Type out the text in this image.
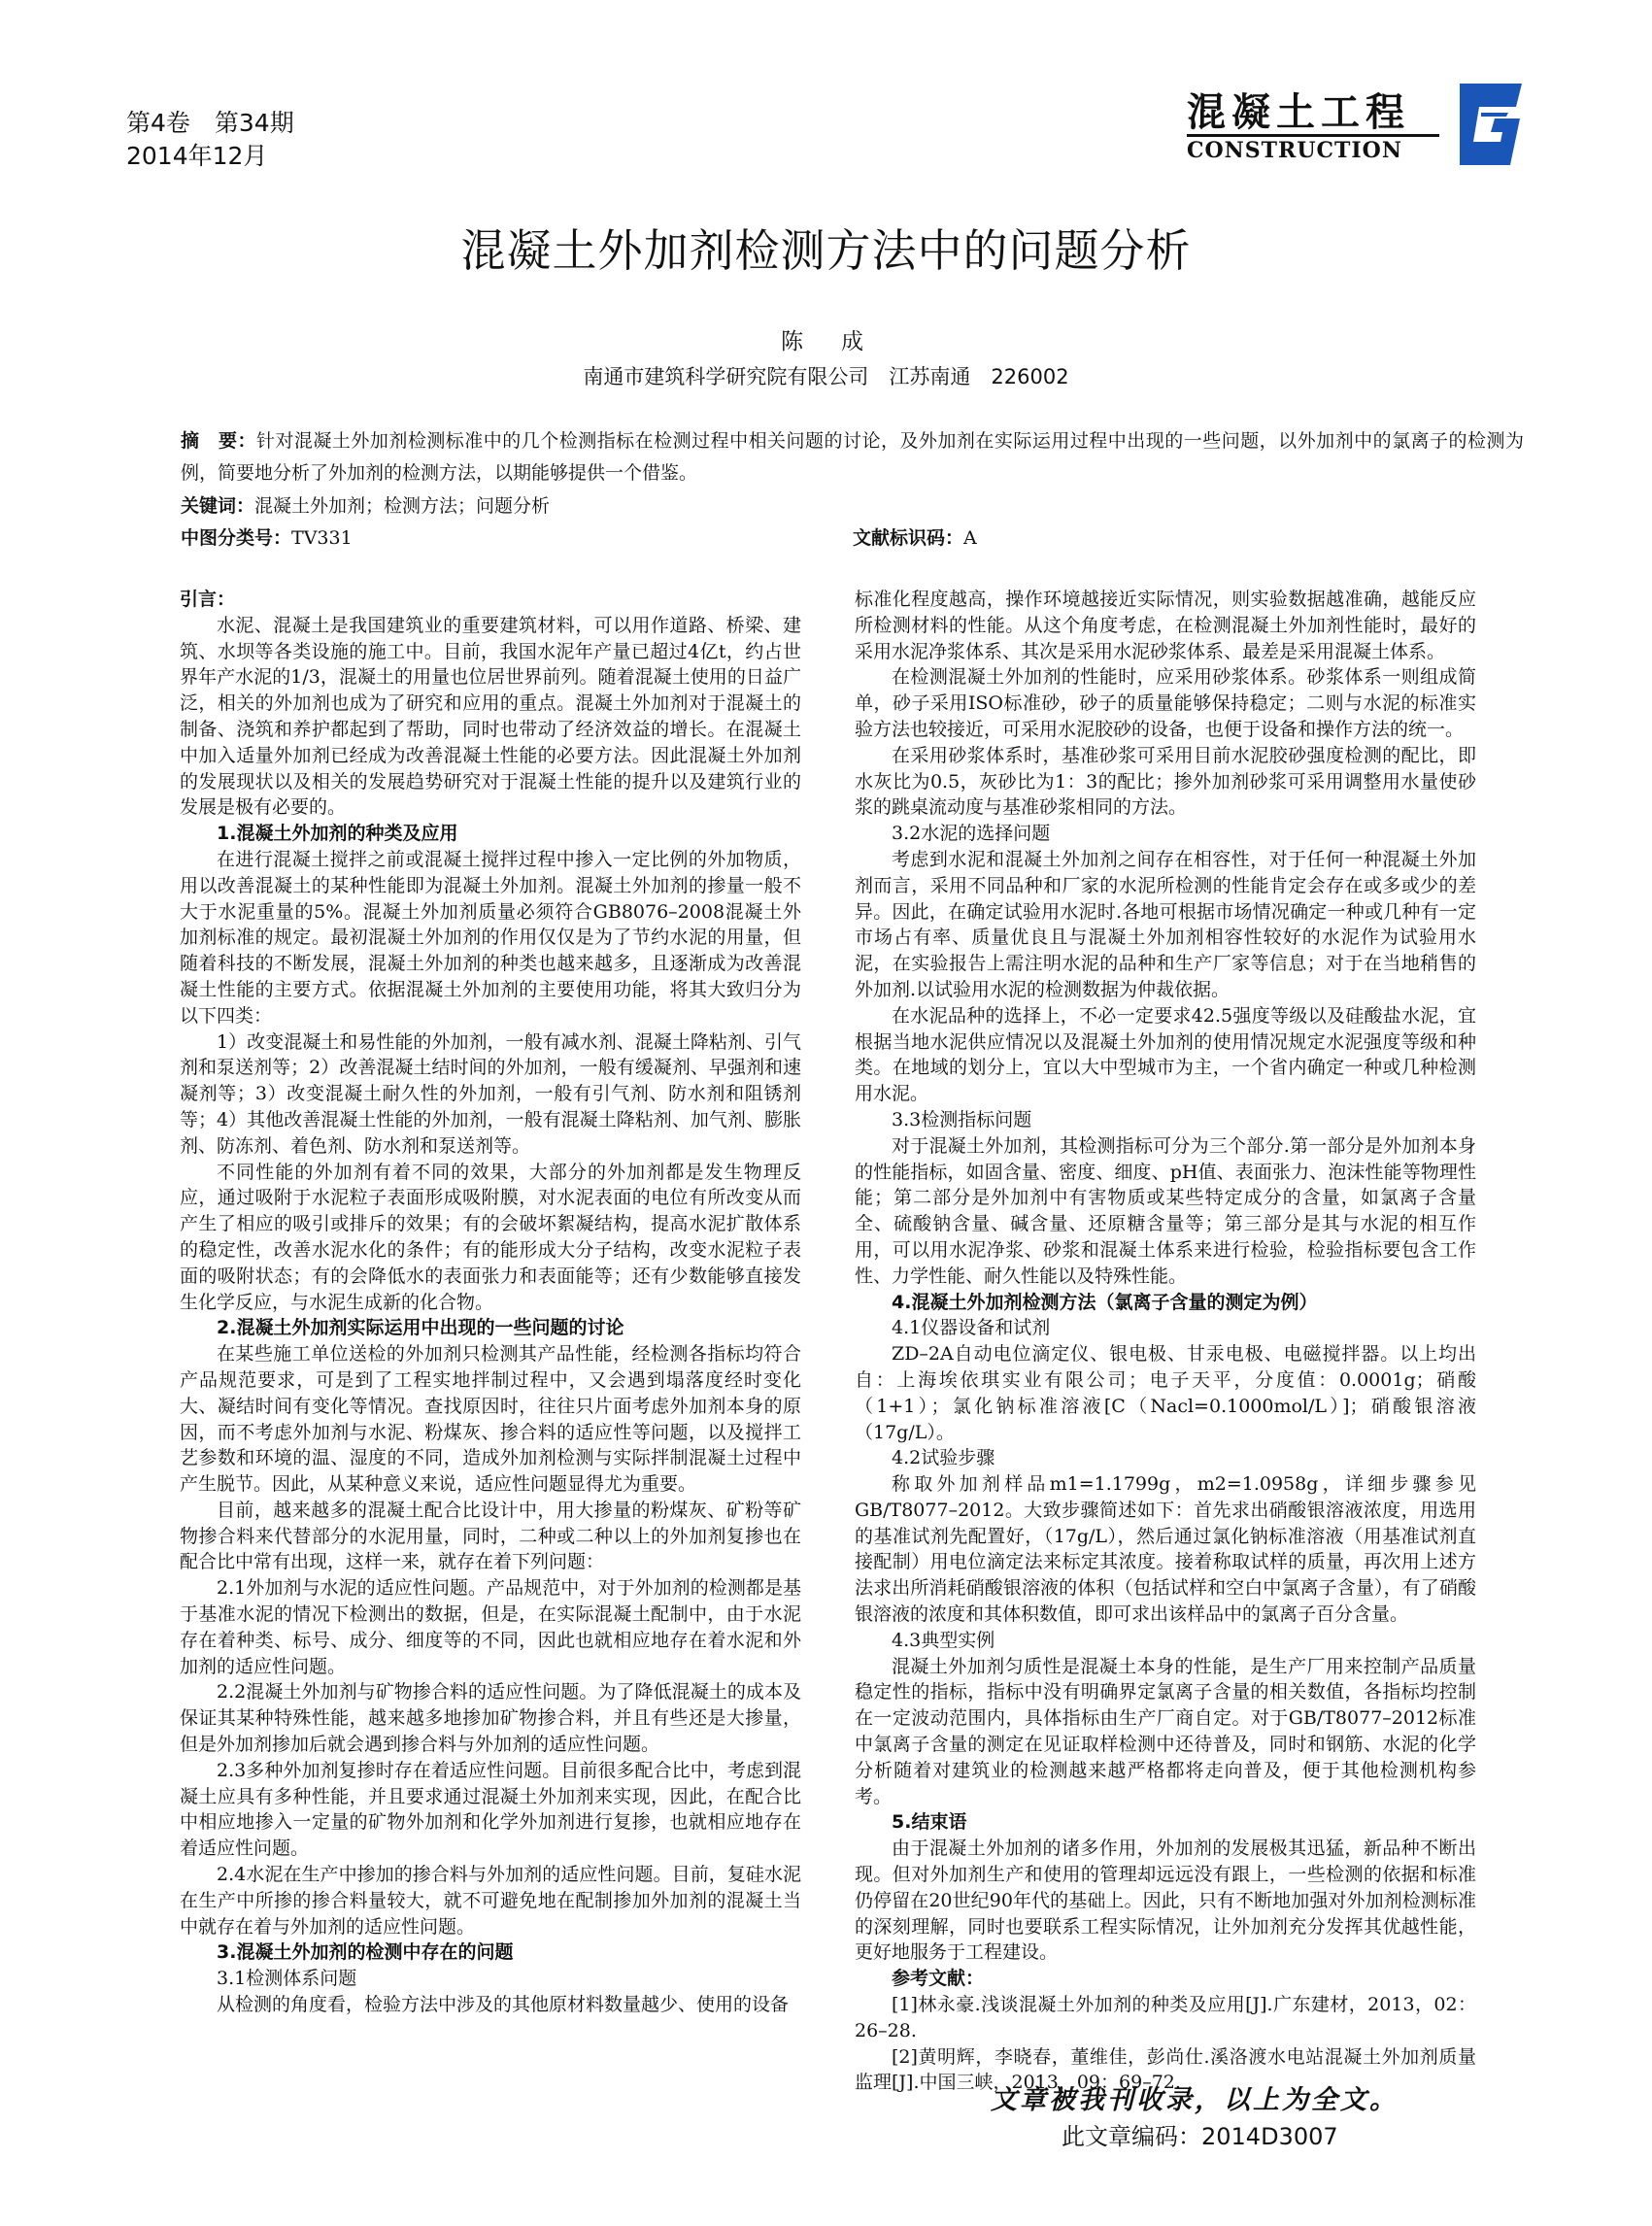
第4卷　第34期
2014年12月
混凝土工程
CONSTRUCTION
混凝土外加剂检测方法中的问题分析
陈　成
南通市建筑科学研究院有限公司　江苏南通　226002
摘　要：针对混凝土外加剂检测标准中的几个检测指标在检测过程中相关问题的讨论，及外加剂在实际运用过程中出现的一些问题，以外加剂中的氯离子的检测为例，简要地分析了外加剂的检测方法，以期能够提供一个借鉴。
关键词：混凝土外加剂；检测方法；问题分析
中图分类号：TV331	文献标识码：A
引言：

水泥、混凝土是我国建筑业的重要建筑材料，可以用作道路、桥梁、建筑、水坝等各类设施的施工中。目前，我国水泥年产量已超过4亿t，约占世界年产水泥的1/3，混凝土的用量也位居世界前列。随着混凝土使用的日益广泛，相关的外加剂也成为了研究和应用的重点。混凝土外加剂对于混凝土的制备、浇筑和养护都起到了帮助，同时也带动了经济效益的增长。在混凝土中加入适量外加剂已经成为改善混凝土性能的必要方法。因此混凝土外加剂的发展现状以及相关的发展趋势研究对于混凝土性能的提升以及建筑行业的发展是极有必要的。

1.混凝土外加剂的种类及应用

在进行混凝土搅拌之前或混凝土搅拌过程中掺入一定比例的外加物质，用以改善混凝土的某种性能即为混凝土外加剂。混凝土外加剂的掺量一般不大于水泥重量的5%。混凝土外加剂质量必须符合GB8076–2008混凝土外加剂标准的规定。最初混凝土外加剂的作用仅仅是为了节约水泥的用量，但随着科技的不断发展，混凝土外加剂的种类也越来越多，且逐渐成为改善混凝土性能的主要方式。依据混凝土外加剂的主要使用功能，将其大致归分为以下四类：

1）改变混凝土和易性能的外加剂，一般有减水剂、混凝土降粘剂、引气剂和泵送剂等；2）改善混凝土结时间的外加剂，一般有缓凝剂、早强剂和速凝剂等；3）改变混凝土耐久性的外加剂，一般有引气剂、防水剂和阻锈剂等；4）其他改善混凝土性能的外加剂，一般有混凝土降粘剂、加气剂、膨胀剂、防冻剂、着色剂、防水剂和泵送剂等。

不同性能的外加剂有着不同的效果，大部分的外加剂都是发生物理反应，通过吸附于水泥粒子表面形成吸附膜，对水泥表面的电位有所改变从而产生了相应的吸引或排斥的效果；有的会破坏絮凝结构，提高水泥扩散体系的稳定性，改善水泥水化的条件；有的能形成大分子结构，改变水泥粒子表面的吸附状态；有的会降低水的表面张力和表面能等；还有少数能够直接发生化学反应，与水泥生成新的化合物。

2.混凝土外加剂实际运用中出现的一些问题的讨论

在某些施工单位送检的外加剂只检测其产品性能，经检测各指标均符合产品规范要求，可是到了工程实地拌制过程中，又会遇到塌落度经时变化大、凝结时间有变化等情况。查找原因时，往往只片面考虑外加剂本身的原因，而不考虑外加剂与水泥、粉煤灰、掺合料的适应性等问题，以及搅拌工艺参数和环境的温、湿度的不同，造成外加剂检测与实际拌制混凝土过程中产生脱节。因此，从某种意义来说，适应性问题显得尤为重要。

目前，越来越多的混凝土配合比设计中，用大掺量的粉煤灰、矿粉等矿物掺合料来代替部分的水泥用量，同时，二种或二种以上的外加剂复掺也在配合比中常有出现，这样一来，就存在着下列问题：

2.1外加剂与水泥的适应性问题。产品规范中，对于外加剂的检测都是基于基准水泥的情况下检测出的数据，但是，在实际混凝土配制中，由于水泥存在着种类、标号、成分、细度等的不同，因此也就相应地存在着水泥和外加剂的适应性问题。

2.2混凝土外加剂与矿物掺合料的适应性问题。为了降低混凝土的成本及保证其某种特殊性能，越来越多地掺加矿物掺合料，并且有些还是大掺量，但是外加剂掺加后就会遇到掺合料与外加剂的适应性问题。

2.3多种外加剂复掺时存在着适应性问题。目前很多配合比中，考虑到混凝土应具有多种性能，并且要求通过混凝土外加剂来实现，因此，在配合比中相应地掺入一定量的矿物外加剂和化学外加剂进行复掺，也就相应地存在着适应性问题。

2.4水泥在生产中掺加的掺合料与外加剂的适应性问题。目前，复硅水泥在生产中所掺的掺合料量较大，就不可避免地在配制掺加外加剂的混凝土当中就存在着与外加剂的适应性问题。

3.混凝土外加剂的检测中存在的问题
3.1检测体系问题

从检测的角度看，检验方法中涉及的其他原材料数量越少、使用的设备

标准化程度越高，操作环境越接近实际情况，则实验数据越准确，越能反应所检测材料的性能。从这个角度考虑，在检测混凝土外加剂性能时，最好的采用水泥净浆体系、其次是采用水泥砂浆体系、最差是采用混凝土体系。

在检测混凝土外加剂的性能时，应采用砂浆体系。砂浆体系一则组成简单，砂子采用ISO标准砂，砂子的质量能够保持稳定；二则与水泥的标准实验方法也较接近，可采用水泥胶砂的设备，也便于设备和操作方法的统一。

在采用砂浆体系时，基准砂浆可采用目前水泥胶砂强度检测的配比，即水灰比为0.5，灰砂比为1：3的配比；掺外加剂砂浆可采用调整用水量使砂浆的跳桌流动度与基准砂浆相同的方法。

3.2水泥的选择问题

考虑到水泥和混凝土外加剂之间存在相容性，对于任何一种混凝土外加剂而言，采用不同品种和厂家的水泥所检测的性能肯定会存在或多或少的差异。因此，在确定试验用水泥时.各地可根据市场情况确定一种或几种有一定市场占有率、质量优良且与混凝土外加剂相容性较好的水泥作为试验用水泥，在实验报告上需注明水泥的品种和生产厂家等信息；对于在当地稍售的外加剂.以试验用水泥的检测数据为仲裁依据。

在水泥品种的选择上，不必一定要求42.5强度等级以及硅酸盐水泥，宜根据当地水泥供应情况以及混凝土外加剂的使用情况规定水泥强度等级和种类。在地域的划分上，宜以大中型城市为主，一个省内确定一种或几种检测用水泥。

3.3检测指标问题

对于混凝土外加剂，其检测指标可分为三个部分.第一部分是外加剂本身的性能指标，如固含量、密度、细度、pH值、表面张力、泡沫性能等物理性能；第二部分是外加剂中有害物质或某些特定成分的含量，如氯离子含量全、硫酸钠含量、碱含量、还原糖含量等；第三部分是其与水泥的相互作用，可以用水泥净浆、砂浆和混凝土体系来进行检验，检验指标要包含工作性、力学性能、耐久性能以及特殊性能。

4.混凝土外加剂检测方法（氯离子含量的测定为例）
4.1仪器设备和试剂

ZD–2A自动电位滴定仪、银电极、甘汞电极、电磁搅拌器。以上均出自：上海埃依琪实业有限公司；电子天平，分度值：0.0001g；硝酸（1+1）；氯化钠标准溶液[C（Nacl=0.1000mol/L）]；硝酸银溶液（17g/L）。

4.2试验步骤

称取外加剂样品m1=1.1799g，m2=1.0958g，详细步骤参见GB/T8077–2012。大致步骤简述如下：首先求出硝酸银溶液浓度，用选用的基准试剂先配置好，（17g/L），然后通过氯化钠标准溶液（用基准试剂直接配制）用电位滴定法来标定其浓度。接着称取试样的质量，再次用上述方法求出所消耗硝酸银溶液的体积（包括试样和空白中氯离子含量），有了硝酸银溶液的浓度和其体积数值，即可求出该样品中的氯离子百分含量。

4.3典型实例

混凝土外加剂匀质性是混凝土本身的性能，是生产厂用来控制产品质量稳定性的指标，指标中没有明确界定氯离子含量的相关数值，各指标均控制在一定波动范围内，具体指标由生产厂商自定。对于GB/T8077–2012标准中氯离子含量的测定在见证取样检测中还待普及，同时和钢筋、水泥的化学分析随着对建筑业的检测越来越严格都将走向普及，便于其他检测机构参考。

5.结束语

由于混凝土外加剂的诸多作用，外加剂的发展极其迅猛，新品种不断出现。但对外加剂生产和使用的管理却远远没有跟上，一些检测的依据和标准仍停留在20世纪90年代的基础上。因此，只有不断地加强对外加剂检测标准的深刻理解，同时也要联系工程实际情况，让外加剂充分发挥其优越性能，更好地服务于工程建设。

参考文献：

[1]林永豪.浅谈混凝土外加剂的种类及应用[J].广东建材，2013，02：26–28.

[2]黄明辉，李晓春，董维佳，彭尚仕.溪洛渡水电站混凝土外加剂质量监理[J].中国三峡，2013，09：69–72.

文章被我刊收录，以上为全文。
此文章编码：2014D3007
